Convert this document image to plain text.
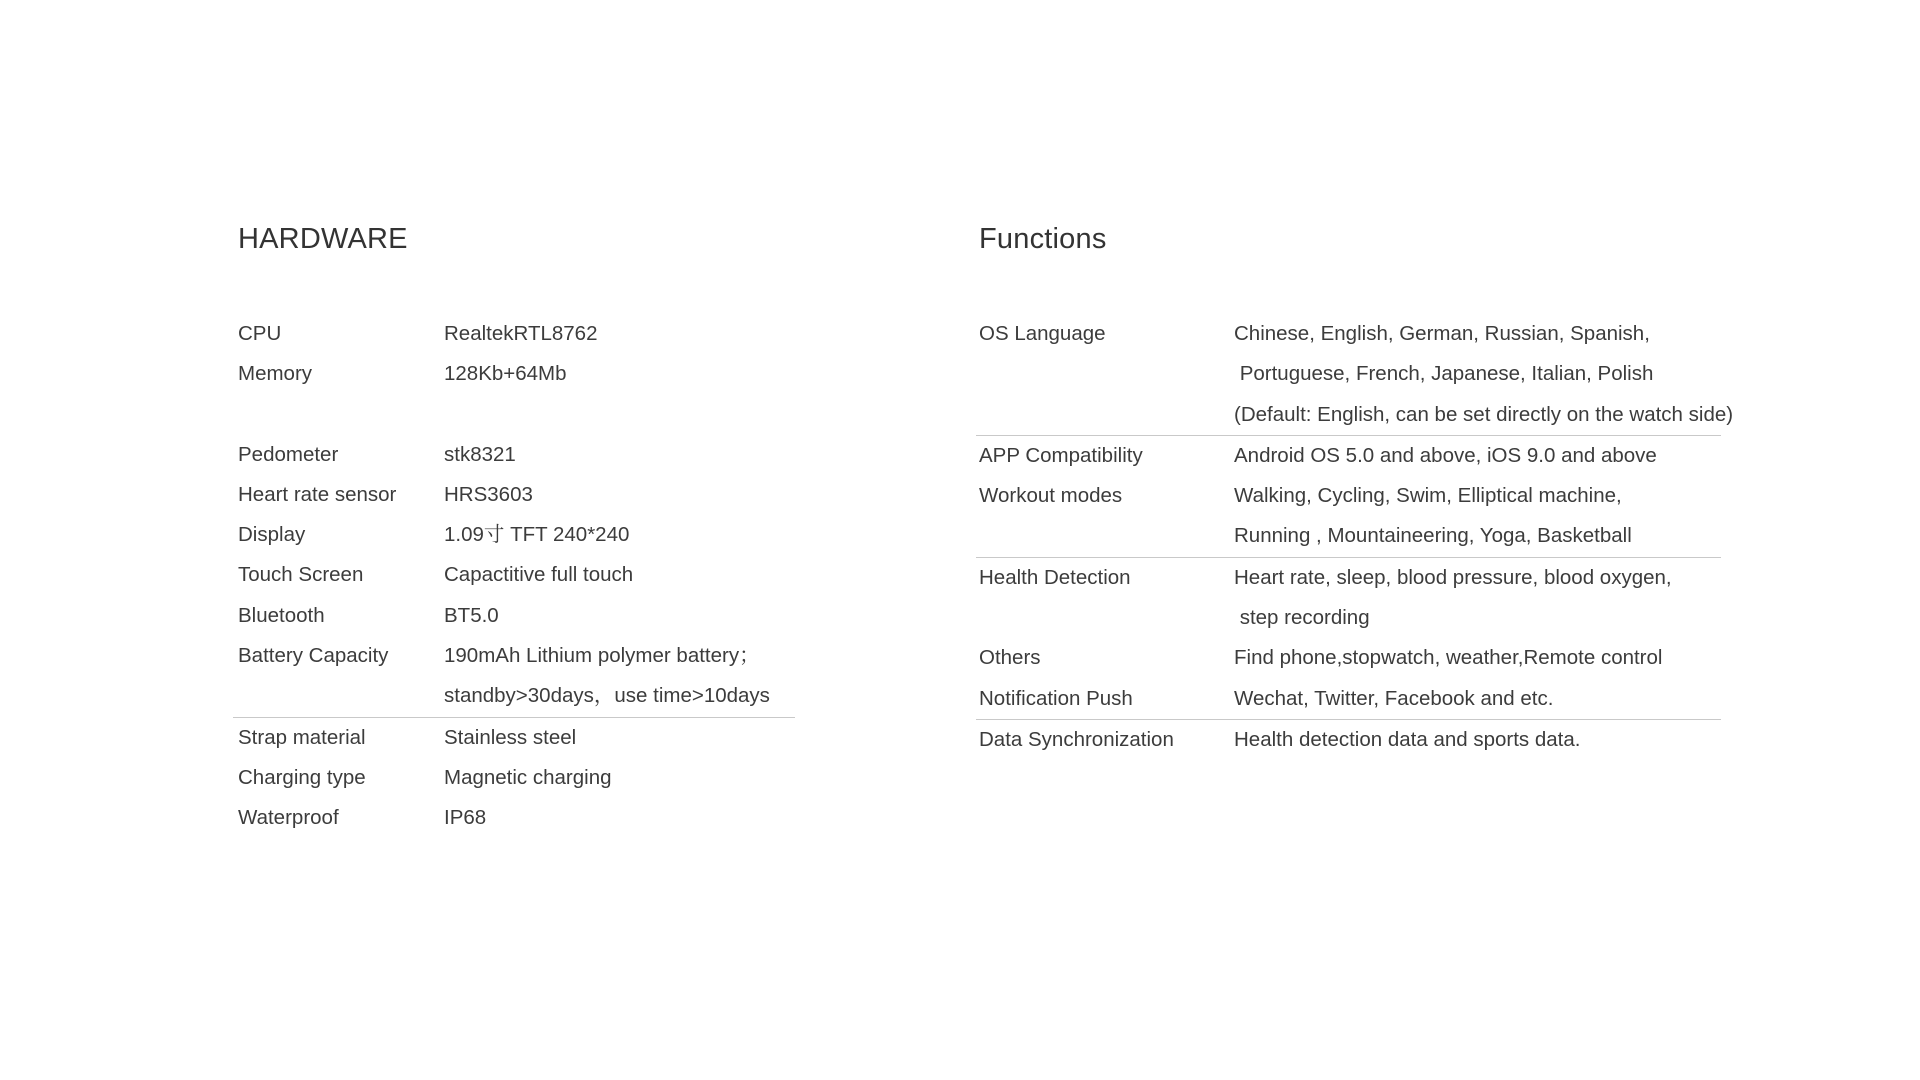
HARDWARE
CPU	RealtekRTL8762
Memory	128Kb+64Mb
Pedometer	stk8321
Heart rate sensor	HRS3603
Display	1.09寸 TFT 240*240
Touch Screen	Capactitive full touch
Bluetooth	BT5.0
Battery Capacity	190mAh Lithium polymer battery；
standby>30days，use time>10days
Strap material	Stainless steel
Charging type	Magnetic charging
Waterproof	IP68
Functions
OS Language	Chinese, English, German, Russian, Spanish,
Portuguese, French, Japanese, Italian, Polish
(Default: English, can be set directly on the watch side)
APP Compatibility	Android OS 5.0 and above, iOS 9.0 and above
Workout modes	Walking, Cycling, Swim, Elliptical machine,
Running , Mountaineering, Yoga, Basketball
Health Detection	Heart rate, sleep, blood pressure, blood oxygen,
step recording
Others	Find phone,stopwatch, weather,Remote control
Notification Push	Wechat, Twitter, Facebook and etc.
Data Synchronization	Health detection data and sports data.
